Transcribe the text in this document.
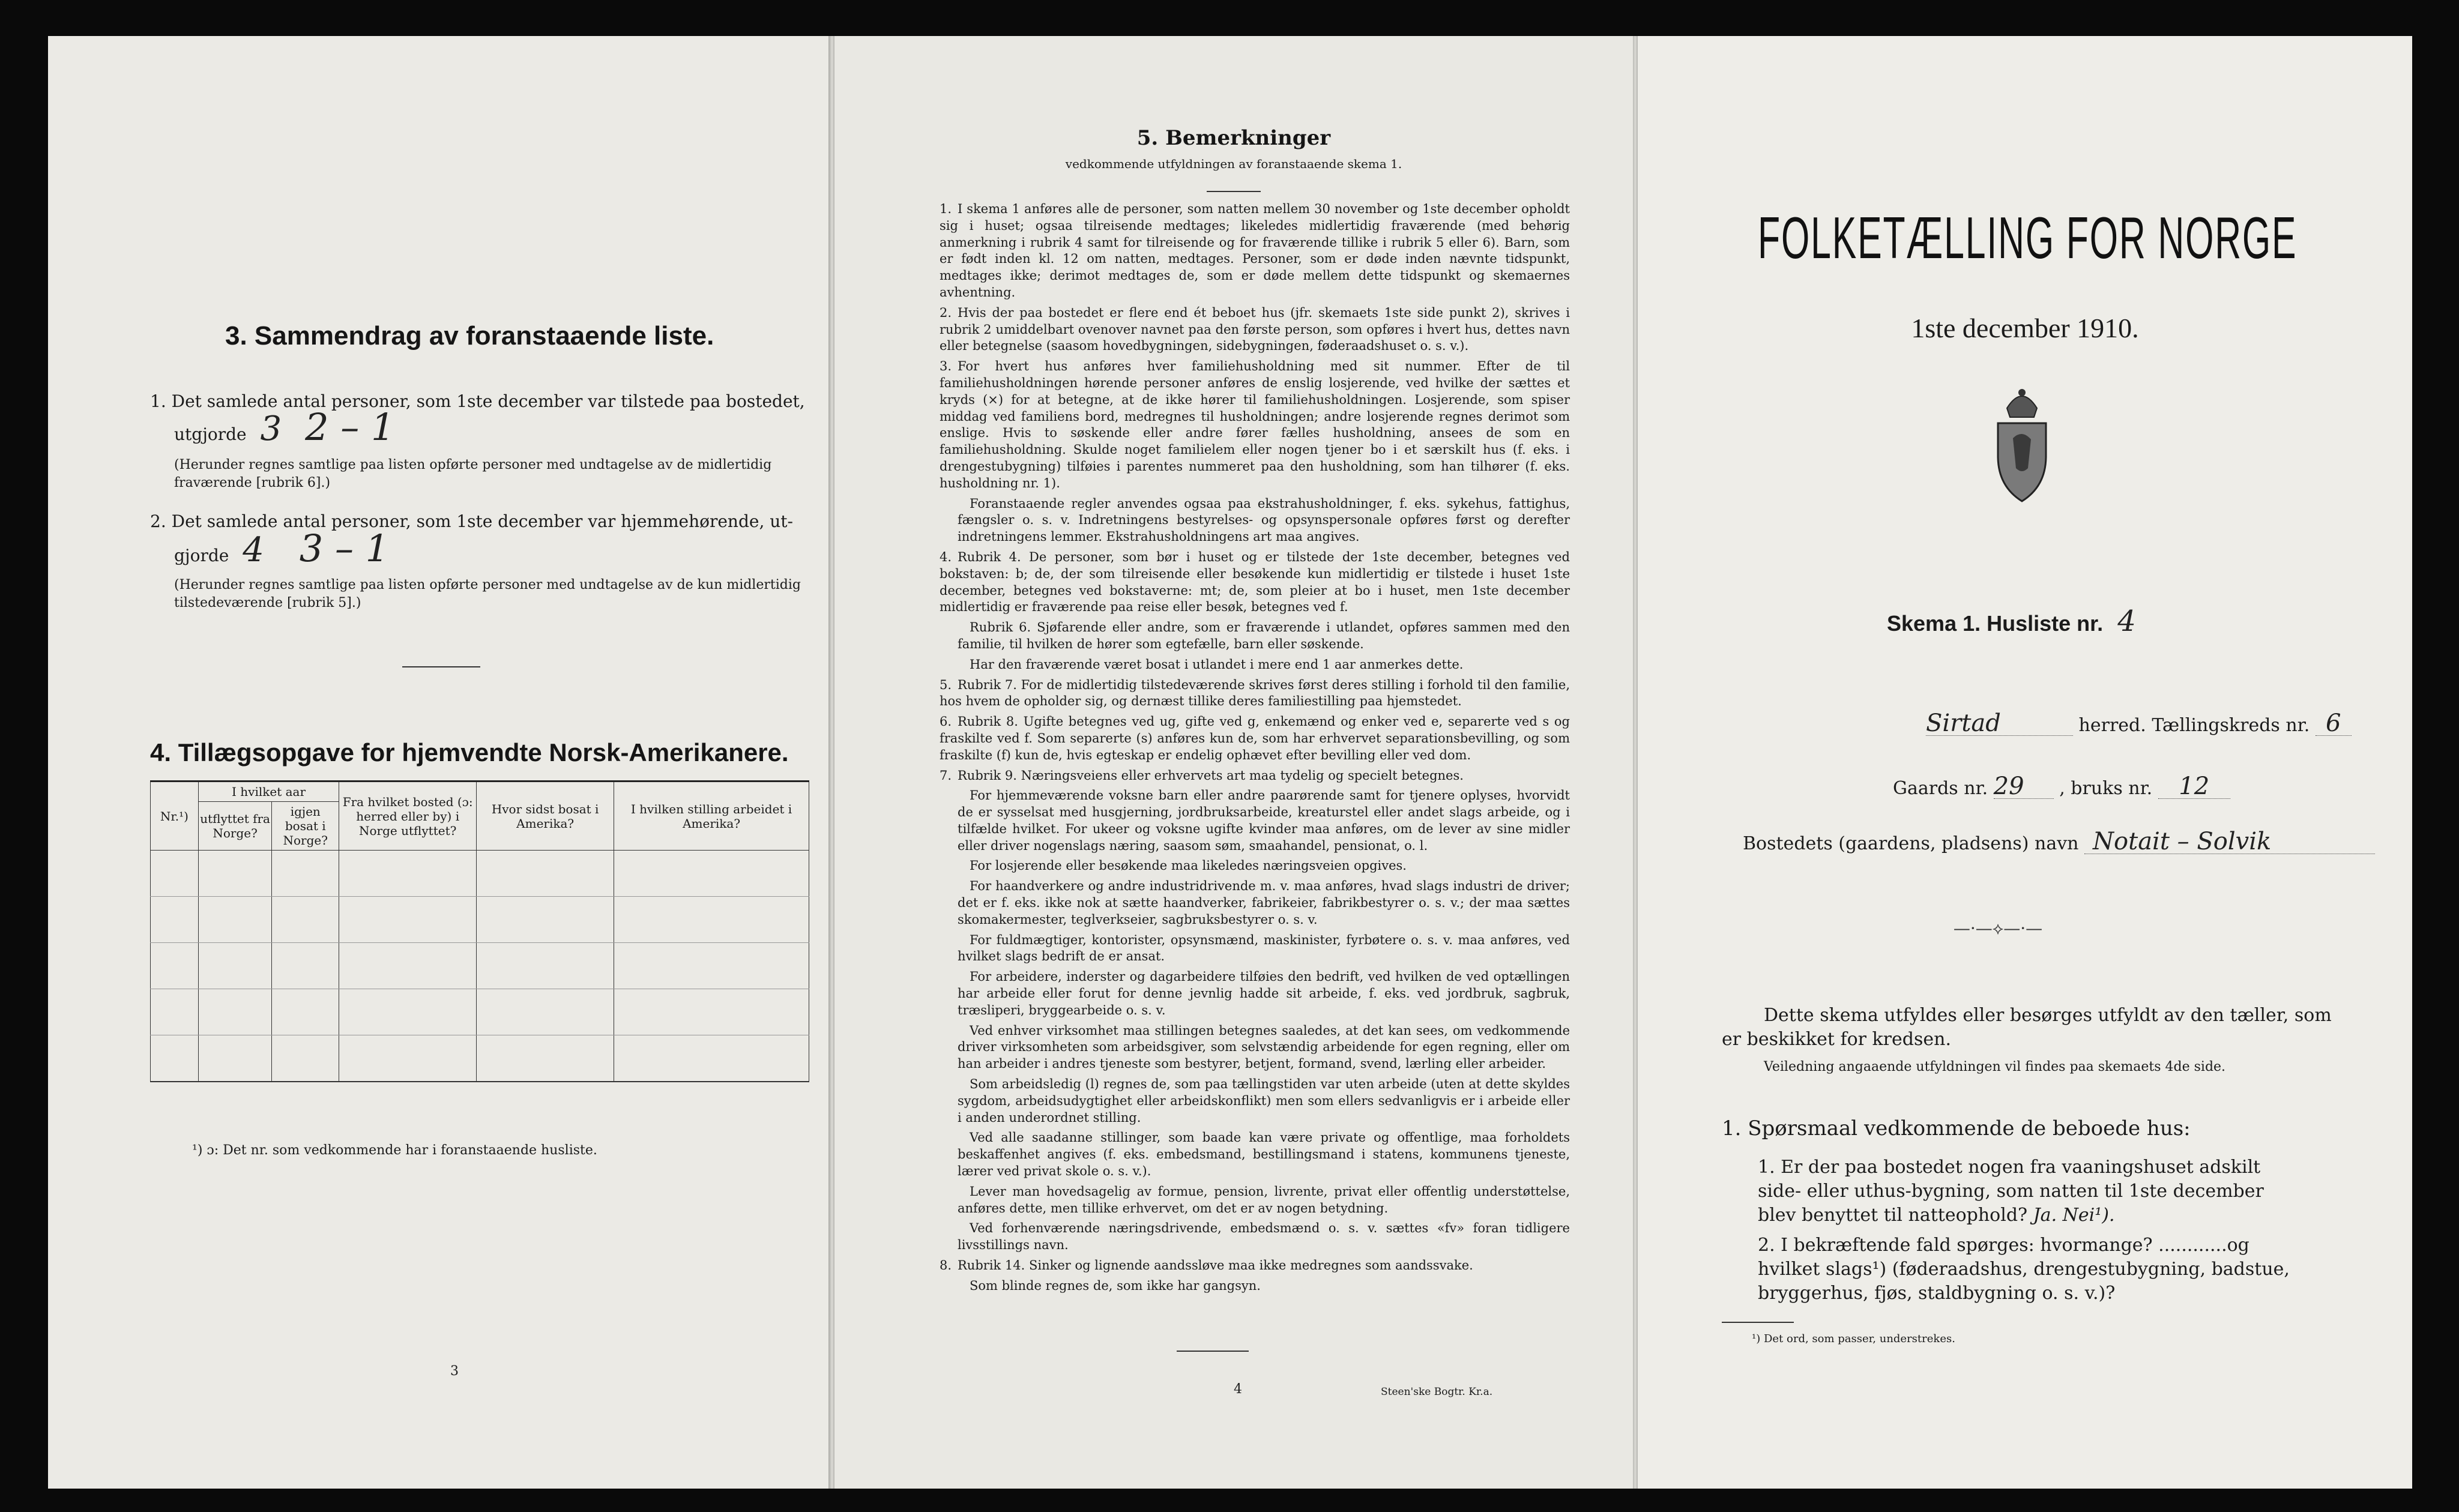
3. Sammendrag av foranstaaende liste.
1. Det samlede antal personer, som 1ste december var tilstede paa bostedet,
utgjorde 3 2 – 1
(Herunder regnes samtlige paa listen opførte personer med undtagelse av de midlertidig fraværende [rubrik 6].)
2. Det samlede antal personer, som 1ste december var hjemmehørende, ut-
gjorde 4 3 – 1
(Herunder regnes samtlige paa listen opførte personer med undtagelse av de kun midlertidig tilstedeværende [rubrik 5].)
4. Tillægsopgave for hjemvendte Norsk-Amerikanere.
Nr.¹)	I hvilket aar		Fra hvilket bosted (ɔ: herred eller by) i Norge utflyttet?	Hvor sidst bosat i Amerika?	I hvilken stilling arbeidet i Amerika?
	utflyttet fra Norge?	igjen bosat i Norge?			

¹) ɔ: Det nr. som vedkommende har i foranstaaende husliste.
3
5. Bemerkninger
vedkommende utfyldningen av foranstaaende skema 1.

1. I skema 1 anføres alle de personer, som natten mellem 30 november og 1ste december opholdt sig i huset; ogsaa tilreisende medtages; likeledes midlertidig fraværende (med behørig anmerkning i rubrik 4 samt for tilreisende og for fraværende tillike i rubrik 5 eller 6). Barn, som er født inden kl. 12 om natten, medtages. Personer, som er døde inden nævnte tidspunkt, medtages ikke; derimot medtages de, som er døde mellem dette tidspunkt og skemaernes avhentning.

2. Hvis der paa bostedet er flere end ét beboet hus (jfr. skemaets 1ste side punkt 2), skrives i rubrik 2 umiddelbart ovenover navnet paa den første person, som opføres i hvert hus, dettes navn eller betegnelse (saasom hovedbygningen, sidebygningen, føderaadshuset o. s. v.).

3. For hvert hus anføres hver familiehusholdning med sit nummer. Efter de til familiehusholdningen hørende personer anføres de enslig losjerende, ved hvilke der sættes et kryds (×) for at betegne, at de ikke hører til familiehusholdningen. Losjerende, som spiser middag ved familiens bord, medregnes til husholdningen; andre losjerende regnes derimot som enslige. Hvis to søskende eller andre fører fælles husholdning, ansees de som en familiehusholdning. Skulde noget familielem eller nogen tjener bo i et særskilt hus (f. eks. i drengestubygning) tilføies i parentes nummeret paa den husholdning, som han tilhører (f. eks. husholdning nr. 1).

Foranstaaende regler anvendes ogsaa paa ekstrahusholdninger, f. eks. sykehus, fattighus, fængsler o. s. v. Indretningens bestyrelses- og opsynspersonale opføres først og derefter indretningens lemmer. Ekstrahusholdningens art maa angives.

4. Rubrik 4. De personer, som bør i huset og er tilstede der 1ste december, betegnes ved bokstaven: b; de, der som tilreisende eller besøkende kun midlertidig er tilstede i huset 1ste december, betegnes ved bokstaverne: mt; de, som pleier at bo i huset, men 1ste december midlertidig er fraværende paa reise eller besøk, betegnes ved f.

Rubrik 6. Sjøfarende eller andre, som er fraværende i utlandet, opføres sammen med den familie, til hvilken de hører som egtefælle, barn eller søskende.

Har den fraværende været bosat i utlandet i mere end 1 aar anmerkes dette.

5. Rubrik 7. For de midlertidig tilstedeværende skrives først deres stilling i forhold til den familie, hos hvem de opholder sig, og dernæst tillike deres familiestilling paa hjemstedet.

6. Rubrik 8. Ugifte betegnes ved ug, gifte ved g, enkemænd og enker ved e, separerte ved s og fraskilte ved f. Som separerte (s) anføres kun de, som har erhvervet separationsbevilling, og som fraskilte (f) kun de, hvis egteskap er endelig ophævet efter bevilling eller ved dom.

7. Rubrik 9. Næringsveiens eller erhvervets art maa tydelig og specielt betegnes.

For hjemmeværende voksne barn eller andre paarørende samt for tjenere oplyses, hvorvidt de er sysselsat med husgjerning, jordbruksarbeide, kreaturstel eller andet slags arbeide, og i tilfælde hvilket. For ukeer og voksne ugifte kvinder maa anføres, om de lever av sine midler eller driver nogenslags næring, saasom søm, smaahandel, pensionat, o. l.

For losjerende eller besøkende maa likeledes næringsveien opgives.

For haandverkere og andre industridrivende m. v. maa anføres, hvad slags industri de driver; det er f. eks. ikke nok at sætte haandverker, fabrikeier, fabrikbestyrer o. s. v.; der maa sættes skomakermester, teglverkseier, sagbruksbestyrer o. s. v.

For fuldmægtiger, kontorister, opsynsmænd, maskinister, fyrbøtere o. s. v. maa anføres, ved hvilket slags bedrift de er ansat.

For arbeidere, inderster og dagarbeidere tilføies den bedrift, ved hvilken de ved optællingen har arbeide eller forut for denne jevnlig hadde sit arbeide, f. eks. ved jordbruk, sagbruk, træsliperi, bryggearbeide o. s. v.

Ved enhver virksomhet maa stillingen betegnes saaledes, at det kan sees, om vedkommende driver virksomheten som arbeidsgiver, som selvstændig arbeidende for egen regning, eller om han arbeider i andres tjeneste som bestyrer, betjent, formand, svend, lærling eller arbeider.

Som arbeidsledig (l) regnes de, som paa tællingstiden var uten arbeide (uten at dette skyldes sygdom, arbeidsudygtighet eller arbeidskonflikt) men som ellers sedvanligvis er i arbeide eller i anden underordnet stilling.

Ved alle saadanne stillinger, som baade kan være private og offentlige, maa forholdets beskaffenhet angives (f. eks. embedsmand, bestillingsmand i statens, kommunens tjeneste, lærer ved privat skole o. s. v.).

Lever man hovedsagelig av formue, pension, livrente, privat eller offentlig understøttelse, anføres dette, men tillike erhvervet, om det er av nogen betydning.

Ved forhenværende næringsdrivende, embedsmænd o. s. v. sættes «fv» foran tidligere livsstillings navn.

8. Rubrik 14. Sinker og lignende aandssløve maa ikke medregnes som aandssvake.

Som blinde regnes de, som ikke har gangsyn.

4	Steen'ske Bogtr. Kr.a.
FOLKETÆLLING FOR NORGE
1ste december 1910.
Skema 1. Husliste nr. 4
Sirtad	herred. Tællingskreds nr. 6
Gaards nr. 29 , bruks nr. 12
Bostedets (gaardens, pladsens) navn Notait – Solvik
—·—⟡—·—
Dette skema utfyldes eller besørges utfyldt av den tæller, som er beskikket for kredsen.
Veiledning angaaende utfyldningen vil findes paa skemaets 4de side.
1. Spørsmaal vedkommende de beboede hus:
1. Er der paa bostedet nogen fra vaaningshuset adskilt side- eller uthus-bygning, som natten til 1ste december blev benyttet til natteophold? Ja. Nei¹).
2. I bekræftende fald spørges: hvormange? ............og hvilket slags¹) (føderaadshus, drengestubygning, badstue, bryggerhus, fjøs, staldbygning o. s. v.)?
¹) Det ord, som passer, understrekes.
